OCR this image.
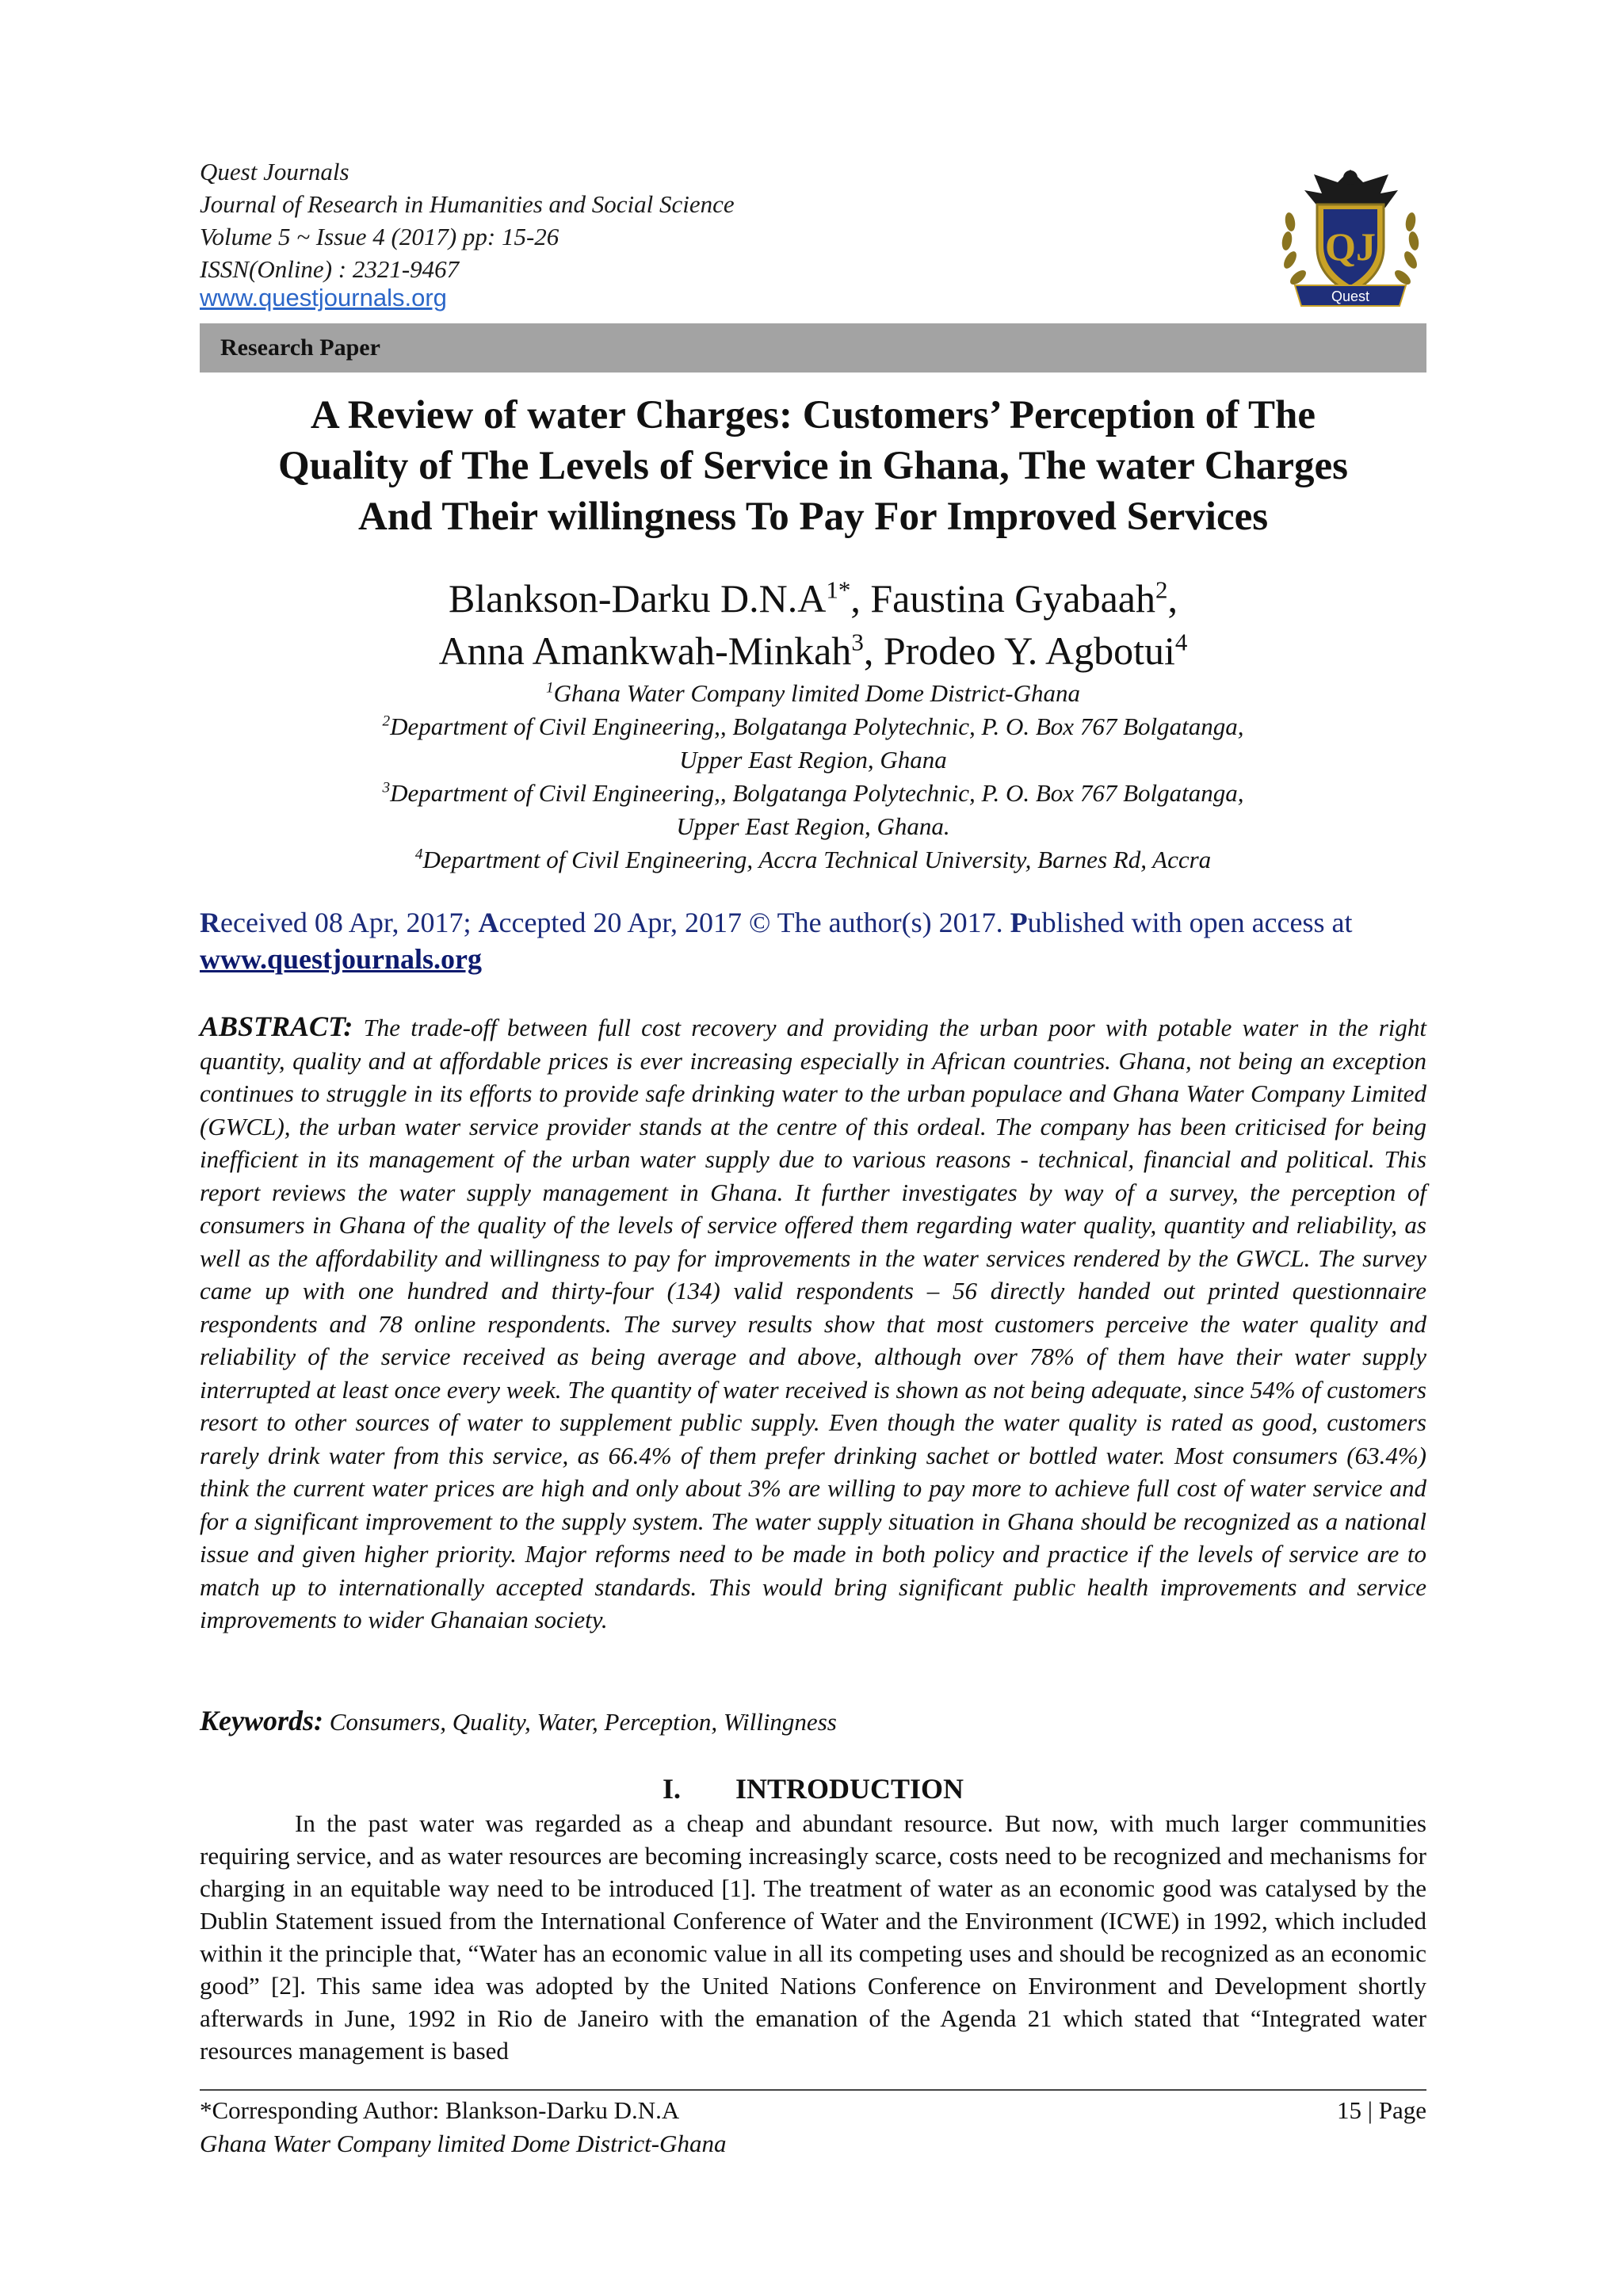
Quest Journals
Journal of Research in Humanities and Social Science
Volume 5 ~ Issue 4 (2017) pp: 15-26
ISSN(Online) : 2321-9467
www.questjournals.org
QJ
Quest
Research Paper
A Review of water Charges: Customers’ Perception of The
Quality of The Levels of Service in Ghana, The water Charges
And Their willingness To Pay For Improved Services
Blankson-Darku $D.N.A^{1*}$, Faustina Gyabaah$^2$,
Anna Amankwah-Minkah$^3$, Prodeo Y. Agbotui$^4$
$^1$Ghana Water Company limited Dome District-Ghana
$^2$Department of Civil Engineering,, Bolgatanga Polytechnic, P. O. Box 767 Bolgatanga,
Upper East Region, Ghana
$^3$Department of Civil Engineering,, Bolgatanga Polytechnic, P. O. Box 767 Bolgatanga,
Upper East Region, Ghana.
$^4$Department of Civil Engineering, Accra Technical University, Barnes Rd, Accra
Received 08 Apr, 2017; Accepted 20 Apr, 2017 © The author(s) 2017. Published with open access at
www.questjournals.org
ABSTRACT: The trade-off between full cost recovery and providing the urban poor with potable water in the right quantity, quality and at affordable prices is ever increasing especially in African countries. Ghana, not being an exception continues to struggle in its efforts to provide safe drinking water to the urban populace and Ghana Water Company Limited (GWCL), the urban water service provider stands at the centre of this ordeal. The company has been criticised for being inefficient in its management of the urban water supply due to various reasons - technical, financial and political. This report reviews the water supply management in Ghana. It further investigates by way of a survey, the perception of consumers in Ghana of the quality of the levels of service offered them regarding water quality, quantity and reliability, as well as the affordability and willingness to pay for improvements in the water services rendered by the GWCL. The survey came up with one hundred and thirty-four (134) valid respondents – 56 directly handed out printed questionnaire respondents and 78 online respondents. The survey results show that most customers perceive the water quality and reliability of the service received as being average and above, although over 78% of them have their water supply interrupted at least once every week. The quantity of water received is shown as not being adequate, since 54% of customers resort to other sources of water to supplement public supply. Even though the water quality is rated as good, customers rarely drink water from this service, as 66.4% of them prefer drinking sachet or bottled water. Most consumers (63.4%) think the current water prices are high and only about 3% are willing to pay more to achieve full cost of water service and for a significant improvement to the supply system. The water supply situation in Ghana should be recognized as a national issue and given higher priority. Major reforms need to be made in both policy and practice if the levels of service are to match up to internationally accepted standards. This would bring significant public health improvements and service improvements to wider Ghanaian society.
Keywords: Consumers, Quality, Water, Perception, Willingness
I. INTRODUCTION
In the past water was regarded as a cheap and abundant resource. But now, with much larger communities requiring service, and as water resources are becoming increasingly scarce, costs need to be recognized and mechanisms for charging in an equitable way need to be introduced [1]. The treatment of water as an economic good was catalysed by the Dublin Statement issued from the International Conference of Water and the Environment (ICWE) in 1992, which included within it the principle that, “Water has an economic value in all its competing uses and should be recognized as an economic good” [2]. This same idea was adopted by the United Nations Conference on Environment and Development shortly afterwards in June, 1992 in Rio de Janeiro with the emanation of the Agenda 21 which stated that “Integrated water resources management is based
*Corresponding Author: Blankson-Darku D.N.A
Ghana Water Company limited Dome District-Ghana
15 | Page
